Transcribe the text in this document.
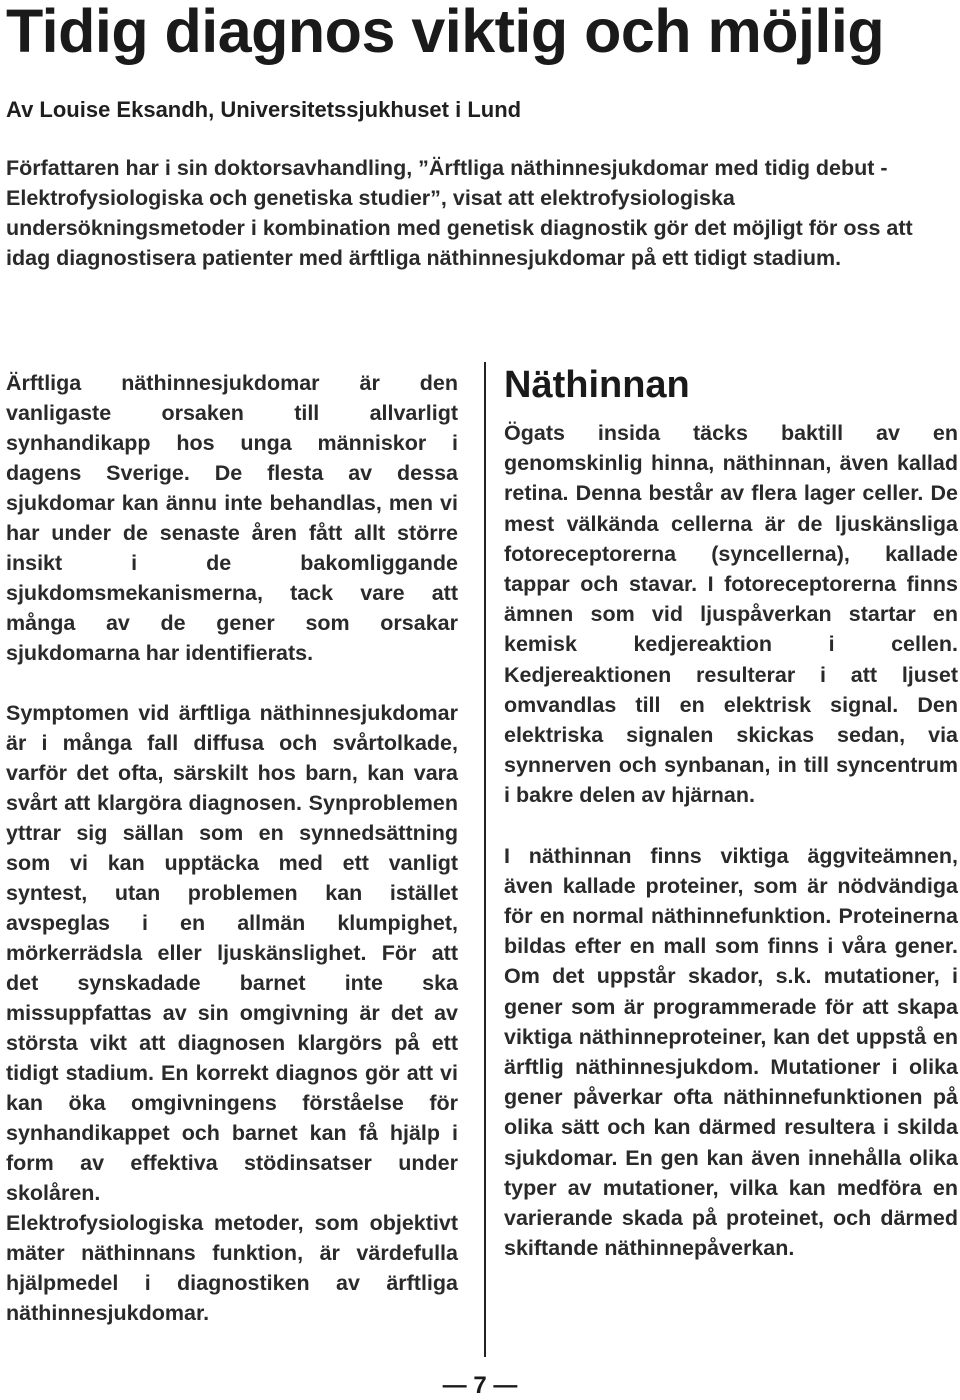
Tidig diagnos viktig och möjlig

Av Louise Eksandh, Universitetssjukhuset i Lund

Författaren har i sin doktorsavhandling, ”Ärftliga näthinnesjukdomar med tidig debut - Elektrofysiologiska och genetiska studier”, visat att elektrofysiologiska undersökningsmetoder i kombination med genetisk diagnostik gör det möjligt för oss att idag diagnostisera patienter med ärftliga näthinnesjukdomar på ett tidigt stadium.

Ärftliga näthinnesjukdomar är den vanligaste orsaken till allvarligt synhandikapp hos unga människor i dagens Sverige. De flesta av dessa sjukdomar kan ännu inte behandlas, men vi har under de senaste åren fått allt större insikt i de bakomliggande sjukdomsmekanismerna, tack vare att många av de gener som orsakar sjukdomarna har identifierats.

Symptomen vid ärftliga näthinnesjukdomar är i många fall diffusa och svårtolkade, varför det ofta, särskilt hos barn, kan vara svårt att klargöra diagnosen. Synproblemen yttrar sig sällan som en synnedsättning som vi kan upptäcka med ett vanligt syntest, utan problemen kan istället avspeglas i en allmän klumpighet, mörkerrädsla eller ljuskänslighet. För att det synskadade barnet inte ska missuppfattas av sin omgivning är det av största vikt att diagnosen klargörs på ett tidigt stadium. En korrekt diagnos gör att vi kan öka omgivningens förståelse för synhandikappet och barnet kan få hjälp i form av effektiva stödinsatser under skolåren.

Elektrofysiologiska metoder, som objektivt mäter näthinnans funktion, är värdefulla hjälpmedel i diagnostiken av ärftliga näthinnesjukdomar.

Näthinnan

Ögats insida täcks baktill av en genomskinlig hinna, näthinnan, även kallad retina. Denna består av flera lager celler. De mest välkända cellerna är de ljuskänsliga fotoreceptorerna (syncellerna), kallade tappar och stavar. I fotoreceptorerna finns ämnen som vid ljuspåverkan startar en kemisk kedjereaktion i cellen. Kedjereaktionen resulterar i att ljuset omvandlas till en elektrisk signal. Den elektriska signalen skickas sedan, via synnerven och synbanan, in till syncentrum i bakre delen av hjärnan.

I näthinnan finns viktiga äggviteämnen, även kallade proteiner, som är nödvändiga för en normal näthinnefunktion. Proteinerna bildas efter en mall som finns i våra gener. Om det uppstår skador, s.k. mutationer, i gener som är programmerade för att skapa viktiga näthinneproteiner, kan det uppstå en ärftlig näthinnesjukdom. Mutationer i olika gener påverkar ofta näthinnefunktionen på olika sätt och kan därmed resultera i skilda sjukdomar. En gen kan även innehålla olika typer av mutationer, vilka kan medföra en varierande skada på proteinet, och därmed skiftande näthinnepåverkan.

— 7 —
